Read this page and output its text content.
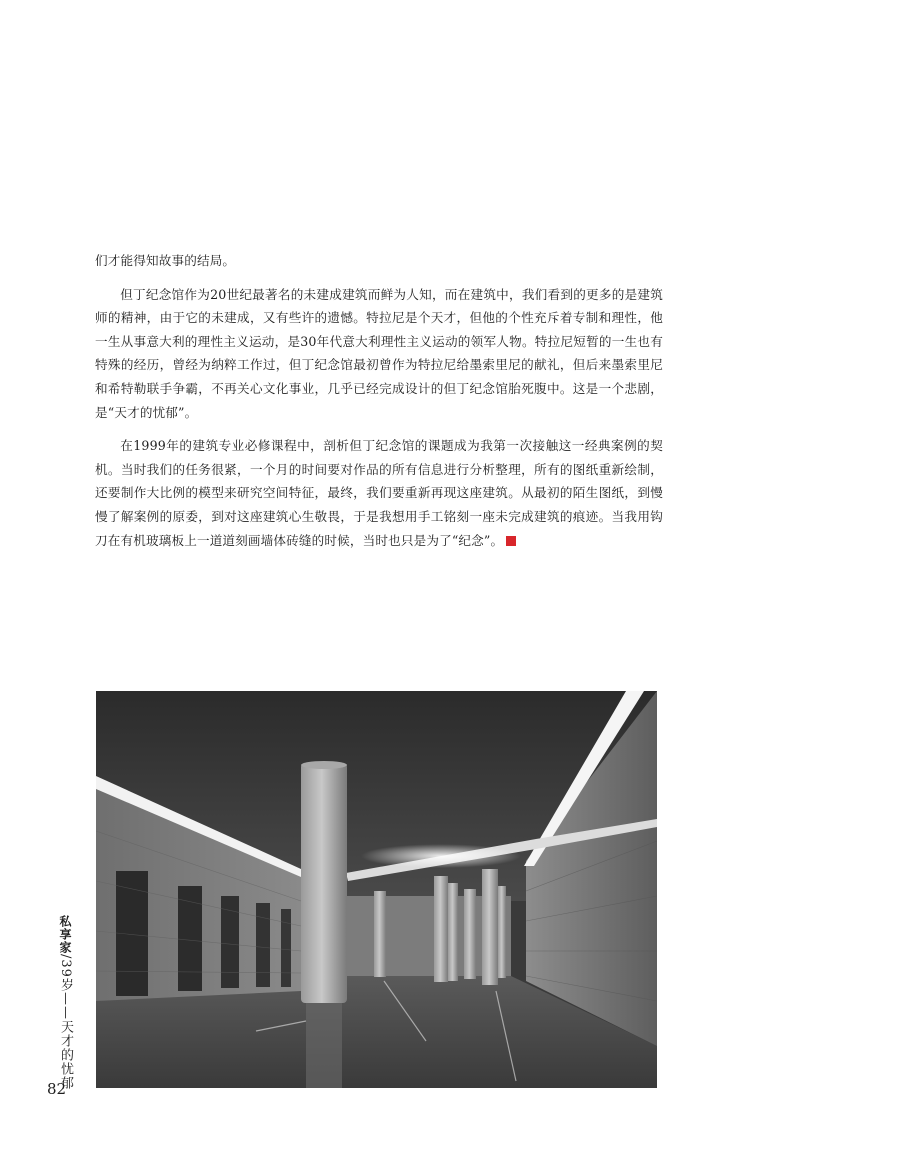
们才能得知故事的结局。

但丁纪念馆作为20世纪最著名的未建成建筑而鲜为人知，而在建筑中，我们看到的更多的是建筑师的精神，由于它的未建成，又有些许的遗憾。特拉尼是个天才，但他的个性充斥着专制和理性，他一生从事意大利的理性主义运动，是30年代意大利理性主义运动的领军人物。特拉尼短暂的一生也有特殊的经历，曾经为纳粹工作过，但丁纪念馆最初曾作为特拉尼给墨索里尼的献礼，但后来墨索里尼和希特勒联手争霸，不再关心文化事业，几乎已经完成设计的但丁纪念馆胎死腹中。这是一个悲剧，是“天才的忧郁”。

在1999年的建筑专业必修课程中，剖析但丁纪念馆的课题成为我第一次接触这一经典案例的契机。当时我们的任务很紧，一个月的时间要对作品的所有信息进行分析整理，所有的图纸重新绘制，还要制作大比例的模型来研究空间特征，最终，我们要重新再现这座建筑。从最初的陌生图纸，到慢慢了解案例的原委，到对这座建筑心生敬畏，于是我想用手工铭刻一座未完成建筑的痕迹。当我用钩刀在有机玻璃板上一道道刻画墙体砖缝的时候，当时也只是为了“纪念”。

私享家/39岁——天才的忧郁
82
